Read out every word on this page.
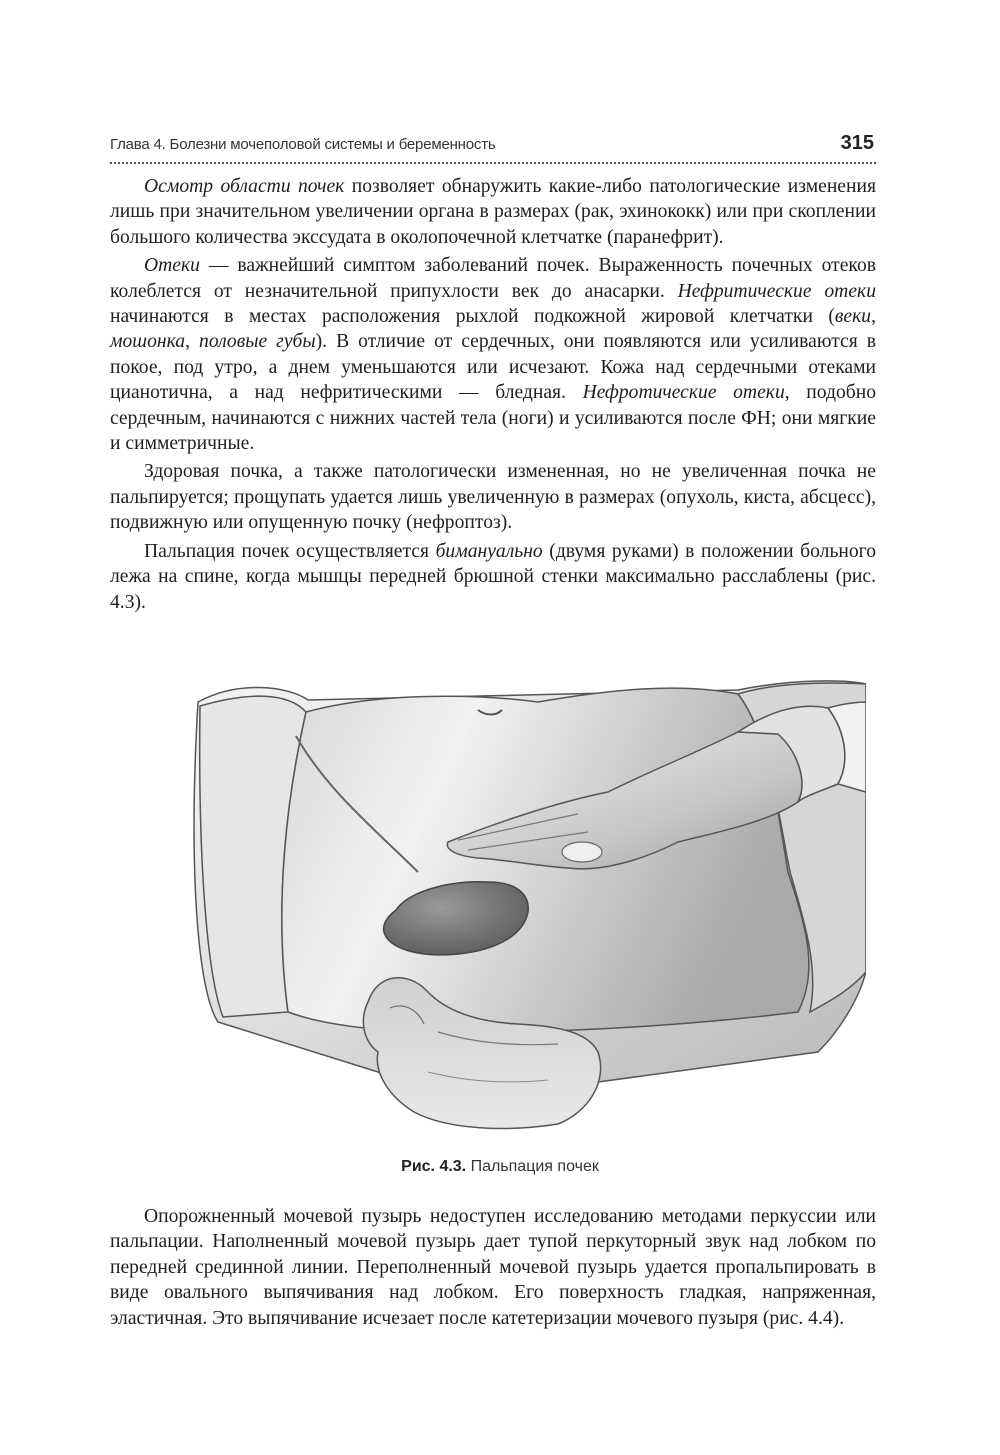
Глава 4. Болезни мочеполовой системы и беременность	315

Осмотр области почек позволяет обнаружить какие-либо патологические изменения лишь при значительном увеличении органа в размерах (рак, эхинококк) или при скоплении большого количества экссудата в околопочечной клетчатке (паранефрит).

Отеки — важнейший симптом заболеваний почек. Выраженность почечных отеков колеблется от незначительной припухлости век до анасарки. Нефритические отеки начинаются в местах расположения рыхлой подкожной жировой клетчатки (веки, мошонка, половые губы). В отличие от сердечных, они появляются или усиливаются в покое, под утро, а днем уменьшаются или исчезают. Кожа над сердечными отеками цианотична, а над нефритическими — бледная. Нефротические отеки, подобно сердечным, начинаются с нижних частей тела (ноги) и усиливаются после ФН; они мягкие и симметричные.

Здоровая почка, а также патологически измененная, но не увеличенная почка не пальпируется; прощупать удается лишь увеличенную в размерах (опухоль, киста, абсцесс), подвижную или опущенную почку (нефроптоз).

Пальпация почек осуществляется бимануально (двумя руками) в положении больного лежа на спине, когда мышцы передней брюшной стенки максимально расслаблены (рис. 4.3).

Рис. 4.3. Пальпация почек

Опорожненный мочевой пузырь недоступен исследованию методами перкуссии или пальпации. Наполненный мочевой пузырь дает тупой перкуторный звук над лобком по передней срединной линии. Переполненный мочевой пузырь удается пропальпировать в виде овального выпячивания над лобком. Его поверхность гладкая, напряженная, эластичная. Это выпячивание исчезает после катетеризации мочевого пузыря (рис. 4.4).
